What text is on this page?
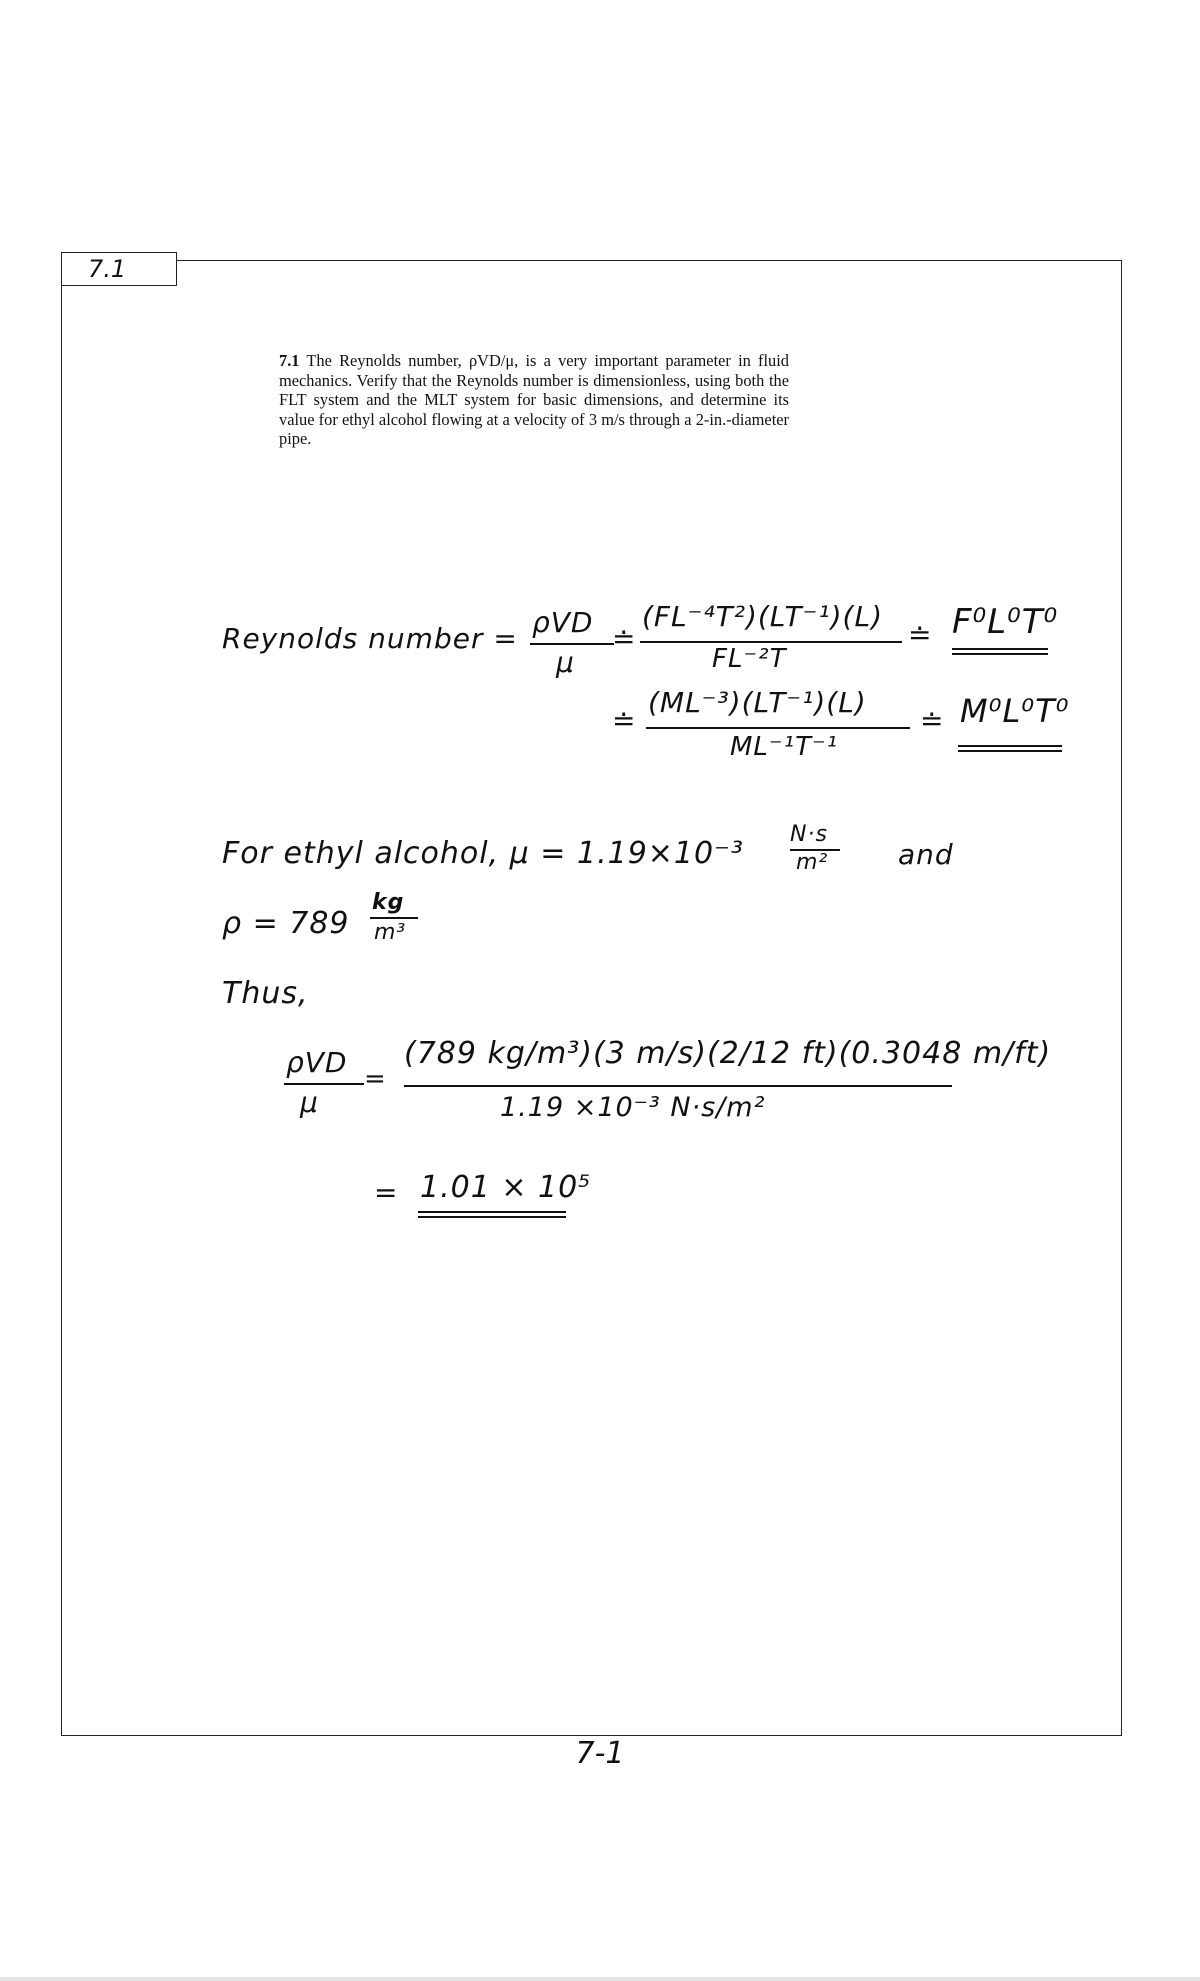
7.1
7.1 The Reynolds number, ρVD/μ, is a very important parameter in fluid mechanics. Verify that the Reynolds number is dimensionless, using both the FLT system and the MLT system for basic dimensions, and determine its value for ethyl alcohol flowing at a velocity of 3 m/s through a 2-in.-diameter pipe.
Reynolds number = ρVD
μ
≐
(FL⁻⁴T²)(LT⁻¹)(L)
FL⁻²T
≐ F⁰L⁰T⁰
≐
(ML⁻³)(LT⁻¹)(L)
ML⁻¹T⁻¹
≐ M⁰L⁰T⁰
For ethyl alcohol, μ = 1.19×10⁻³
N·s
m² and
ρ = 789
kg
m³
Thus,
ρVD
μ
=
(789 kg/m³)(3 m/s)(2/12 ft)(0.3048 m/ft)
1.19 ×10⁻³ N·s/m²
= 1.01 × 10⁵
7-1
